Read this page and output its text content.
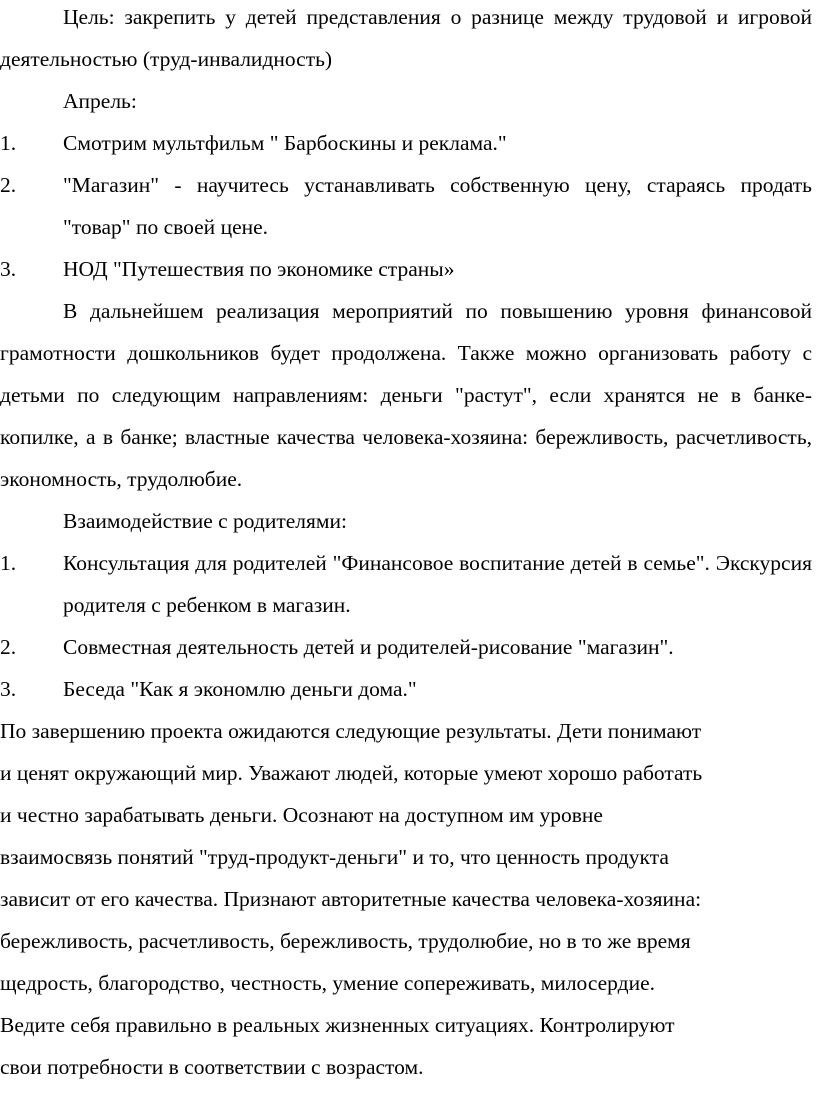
Цель: закрепить у детей представления о разнице между трудовой и игровой деятельностью (труд-инвалидность)

Апрель:

1. Смотрим мультфильм " Барбоскины и реклама."
2. "Магазин" - научитесь устанавливать собственную цену, стараясь продать "товар" по своей цене.
3. НОД "Путешествия по экономике страны»

В дальнейшем реализация мероприятий по повышению уровня финансовой грамотности дошкольников будет продолжена. Также можно организовать работу с детьми по следующим направлениям: деньги "растут", если хранятся не в банке-копилке, а в банке; властные качества человека-хозяина: бережливость, расчетливость, экономность, трудолюбие.

Взаимодействие с родителями:

1. Консультация для родителей "Финансовое воспитание детей в семье". Экскурсия родителя с ребенком в магазин.
2. Совместная деятельность детей и родителей-рисование "магазин".
3. Беседа "Как я экономлю деньги дома."
По завершению проекта ожидаются следующие результаты. Дети понимают
и ценят окружающий мир. Уважают людей, которые умеют хорошо работать
и честно зарабатывать деньги. Осознают на доступном им уровне
взаимосвязь понятий "труд-продукт-деньги" и то, что ценность продукта
зависит от его качества. Признают авторитетные качества человека-хозяина:
бережливость, расчетливость, бережливость, трудолюбие, но в то же время
щедрость, благородство, честность, умение сопереживать, милосердие.
Ведите себя правильно в реальных жизненных ситуациях. Контролируют
свои потребности в соответствии с возрастом.
